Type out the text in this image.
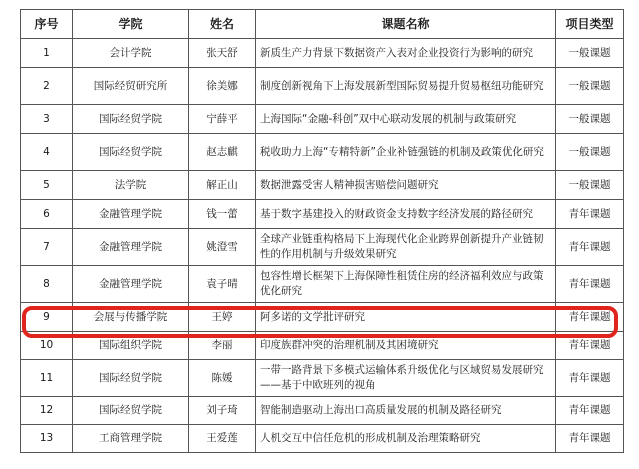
序号	学院	姓名	课题名称	项目类型
1	会计学院	张天舒	新质生产力背景下数据资产入表对企业投资行为影响的研究	一般课题
2	国际经贸研究所	徐美娜	制度创新视角下上海发展新型国际贸易提升贸易枢纽功能研究	一般课题
3	国际经贸学院	宁薛平	上海国际“金融-科创”双中心联动发展的机制与政策研究	一般课题
4	国际经贸学院	赵志麒	税收助力上海“专精特新”企业补链强链的机制及政策优化研究	一般课题
5	法学院	解正山	数据泄露受害人精神损害赔偿问题研究	一般课题
6	金融管理学院	钱一蕾	基于数字基建投入的财政资金支持数字经济发展的路径研究	青年课题
7	金融管理学院	姚澄雪	全球产业链重构格局下上海现代化企业跨界创新提升产业链韧性的作用机制与升级效果研究	青年课题
8	金融管理学院	袁子晴	包容性增长框架下上海保障性租赁住房的经济福利效应与政策优化研究	青年课题
9	会展与传播学院	王婷	阿多诺的文学批评研究	青年课题
10	国际组织学院	李丽	印度族群冲突的治理机制及其困境研究	青年课题
11	国际经贸学院	陈媛	一带一路背景下多模式运输体系升级优化与区域贸易发展研究——基于中欧班列的视角	青年课题
12	国际经贸学院	刘子琦	智能制造驱动上海出口高质量发展的机制及路径研究	青年课题
13	工商管理学院	王爱莲	人机交互中信任危机的形成机制及治理策略研究	青年课题
